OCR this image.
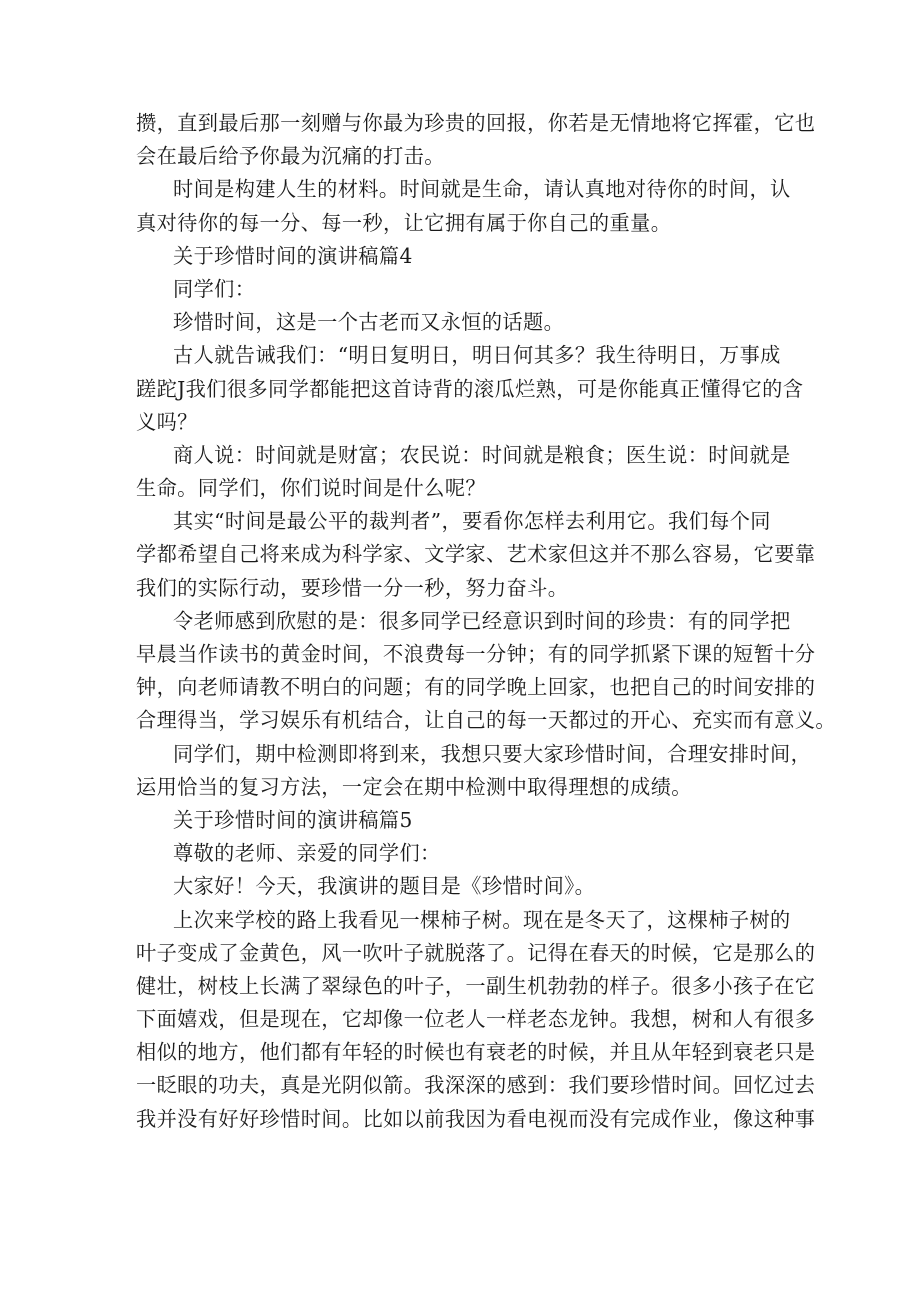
攒，直到最后那一刻赠与你最为珍贵的回报，你若是无情地将它挥霍，它也
会在最后给予你最为沉痛的打击。
时间是构建人生的材料。时间就是生命，请认真地对待你的时间，认
真对待你的每一分、每一秒，让它拥有属于你自己的重量。
关于珍惜时间的演讲稿篇4
同学们：
珍惜时间，这是一个古老而又永恒的话题。
古人就告诫我们：“明日复明日，明日何其多？我生待明日，万事成
蹉跎J我们很多同学都能把这首诗背的滚瓜烂熟，可是你能真正懂得它的含
义吗？
商人说：时间就是财富；农民说：时间就是粮食；医生说：时间就是
生命。同学们，你们说时间是什么呢？
其实“时间是最公平的裁判者”，要看你怎样去利用它。我们每个同
学都希望自己将来成为科学家、文学家、艺术家但这并不那么容易，它要靠
我们的实际行动，要珍惜一分一秒，努力奋斗。
令老师感到欣慰的是：很多同学已经意识到时间的珍贵：有的同学把
早晨当作读书的黄金时间，不浪费每一分钟；有的同学抓紧下课的短暂十分
钟，向老师请教不明白的问题；有的同学晚上回家，也把自己的时间安排的
合理得当，学习娱乐有机结合，让自己的每一天都过的开心、充实而有意义。
同学们，期中检测即将到来，我想只要大家珍惜时间，合理安排时间，
运用恰当的复习方法，一定会在期中检测中取得理想的成绩。
关于珍惜时间的演讲稿篇5
尊敬的老师、亲爱的同学们：
大家好！今天，我演讲的题目是《珍惜时间》。
上次来学校的路上我看见一棵柿子树。现在是冬天了，这棵柿子树的
叶子变成了金黄色，风一吹叶子就脱落了。记得在春天的时候，它是那么的
健壮，树枝上长满了翠绿色的叶子，一副生机勃勃的样子。很多小孩子在它
下面嬉戏，但是现在，它却像一位老人一样老态龙钟。我想，树和人有很多
相似的地方，他们都有年轻的时候也有衰老的时候，并且从年轻到衰老只是
一眨眼的功夫，真是光阴似箭。我深深的感到：我们要珍惜时间。回忆过去
我并没有好好珍惜时间。比如以前我因为看电视而没有完成作业，像这种事
